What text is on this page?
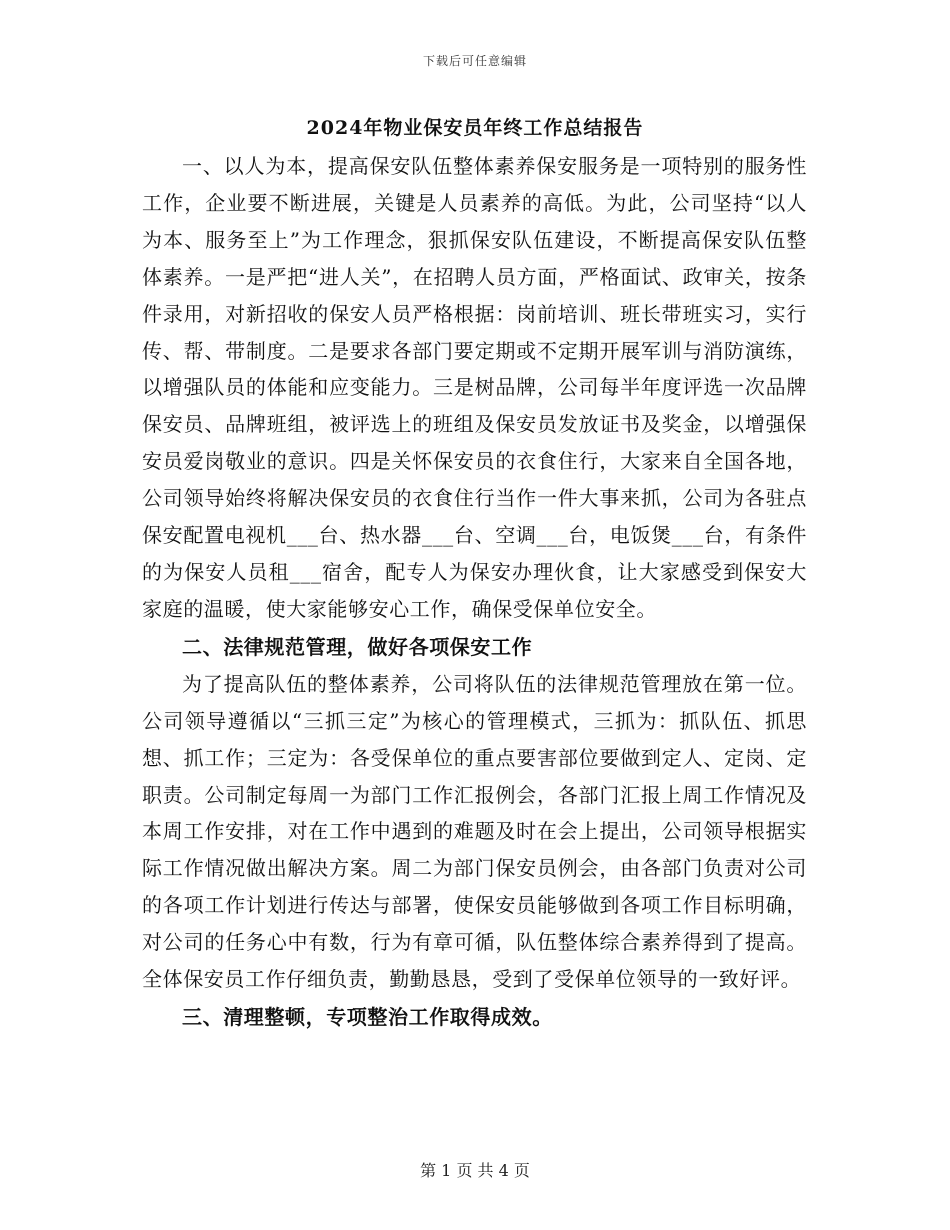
下载后可任意编辑
2024年物业保安员年终工作总结报告

一、以人为本，提高保安队伍整体素养保安服务是一项特别的服务性工作，企业要不断进展，关键是人员素养的高低。为此，公司坚持“以人为本、服务至上”为工作理念，狠抓保安队伍建设，不断提高保安队伍整体素养。一是严把“进人关”，在招聘人员方面，严格面试、政审关，按条件录用，对新招收的保安人员严格根据：岗前培训、班长带班实习，实行传、帮、带制度。二是要求各部门要定期或不定期开展军训与消防演练，以增强队员的体能和应变能力。三是树品牌，公司每半年度评选一次品牌保安员、品牌班组，被评选上的班组及保安员发放证书及奖金，以增强保安员爱岗敬业的意识。四是关怀保安员的衣食住行，大家来自全国各地，公司领导始终将解决保安员的衣食住行当作一件大事来抓，公司为各驻点保安配置电视机___台、热水器___台、空调___台，电饭煲___台，有条件的为保安人员租___宿舍，配专人为保安办理伙食，让大家感受到保安大家庭的温暖，使大家能够安心工作，确保受保单位安全。

二、法律规范管理，做好各项保安工作

为了提高队伍的整体素养，公司将队伍的法律规范管理放在第一位。公司领导遵循以“三抓三定”为核心的管理模式，三抓为：抓队伍、抓思想、抓工作；三定为：各受保单位的重点要害部位要做到定人、定岗、定职责。公司制定每周一为部门工作汇报例会，各部门汇报上周工作情况及本周工作安排，对在工作中遇到的难题及时在会上提出，公司领导根据实际工作情况做出解决方案。周二为部门保安员例会，由各部门负责对公司的各项工作计划进行传达与部署，使保安员能够做到各项工作目标明确，对公司的任务心中有数，行为有章可循，队伍整体综合素养得到了提高。全体保安员工作仔细负责，勤勤恳恳，受到了受保单位领导的一致好评。

三、清理整顿，专项整治工作取得成效。

第 1 页 共 4 页
